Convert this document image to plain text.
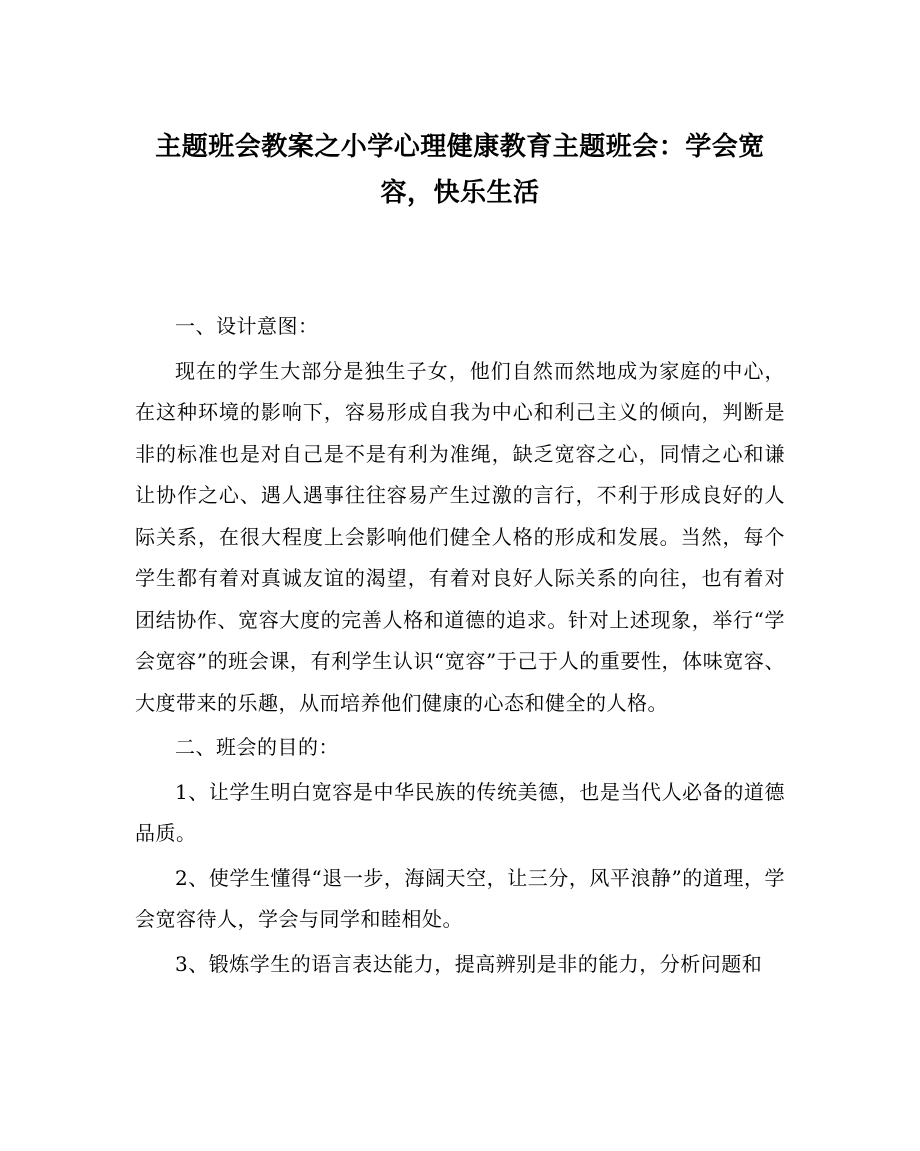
主题班会教案之小学心理健康教育主题班会：学会宽容，快乐生活

一、设计意图：

现在的学生大部分是独生子女，他们自然而然地成为家庭的中心，在这种环境的影响下，容易形成自我为中心和利己主义的倾向，判断是非的标准也是对自己是不是有利为准绳，缺乏宽容之心，同情之心和谦让协作之心、遇人遇事往往容易产生过激的言行，不利于形成良好的人际关系，在很大程度上会影响他们健全人格的形成和发展。当然，每个学生都有着对真诚友谊的渴望，有着对良好人际关系的向往，也有着对团结协作、宽容大度的完善人格和道德的追求。针对上述现象，举行“学会宽容”的班会课，有利学生认识“宽容”于己于人的重要性，体味宽容、大度带来的乐趣，从而培养他们健康的心态和健全的人格。

二、班会的目的：

1、让学生明白宽容是中华民族的传统美德，也是当代人必备的道德品质。

2、使学生懂得“退一步，海阔天空，让三分，风平浪静”的道理，学会宽容待人，学会与同学和睦相处。

3、锻炼学生的语言表达能力，提高辨别是非的能力，分析问题和
